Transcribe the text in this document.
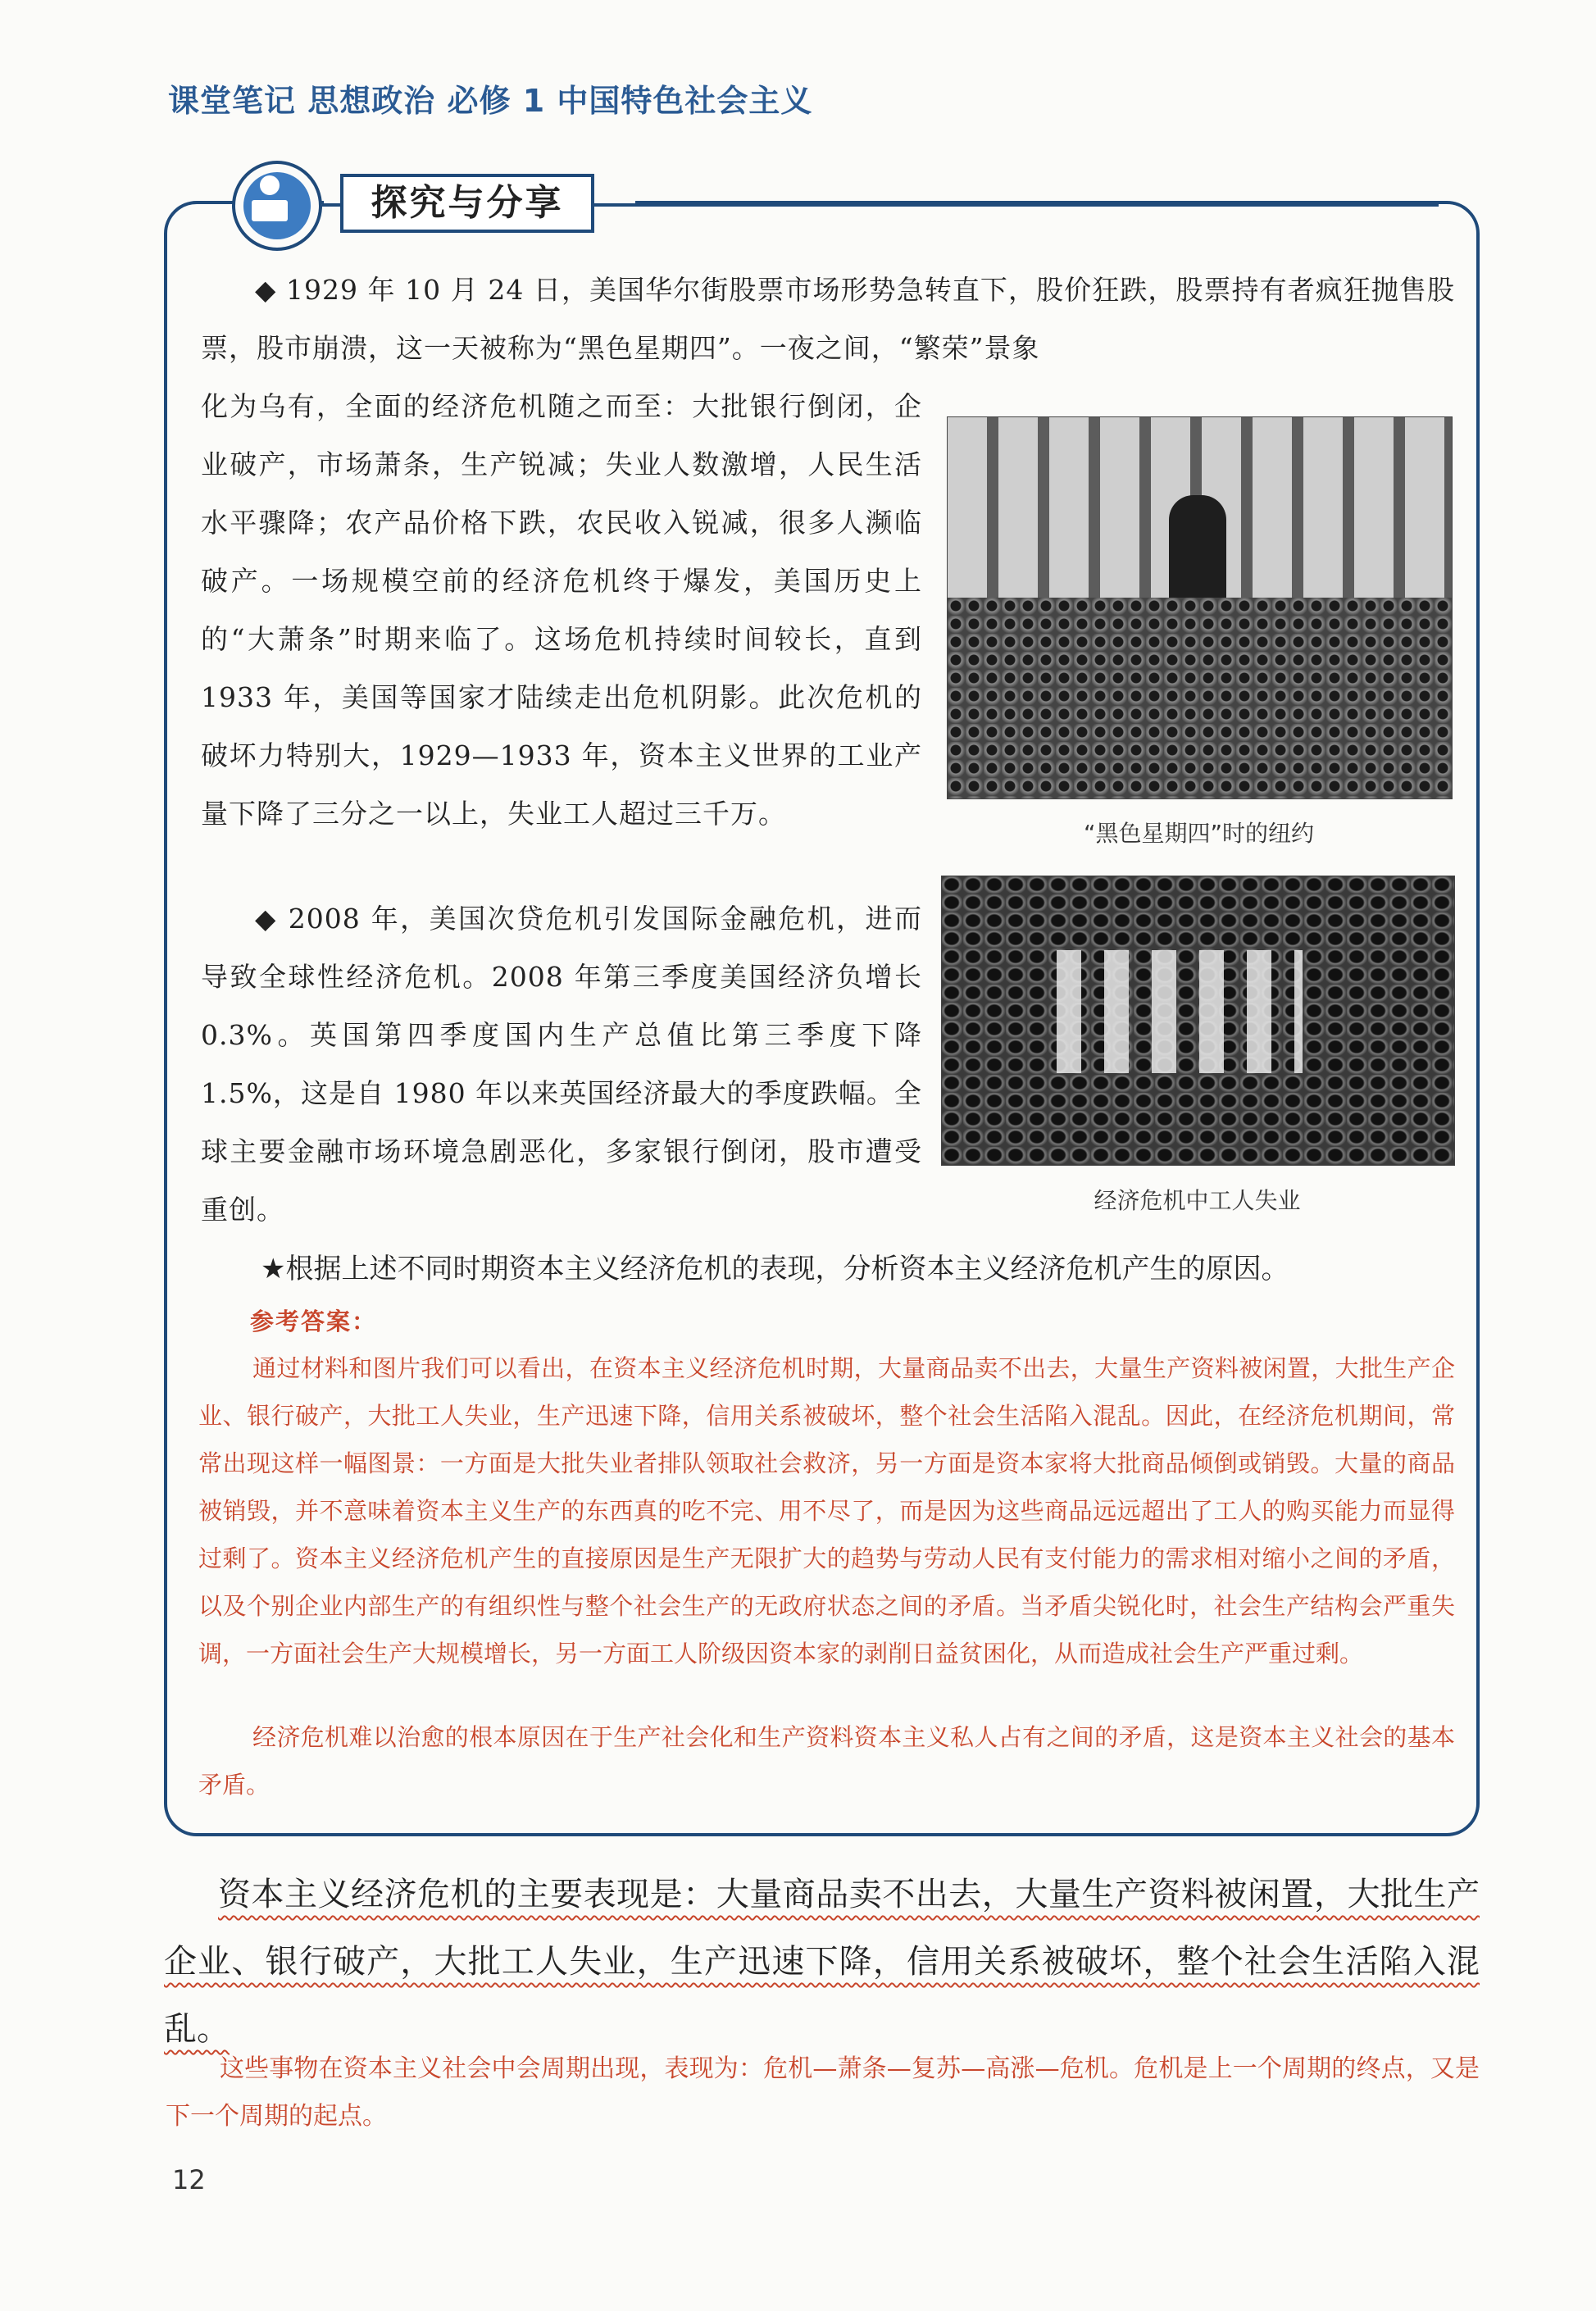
课堂笔记 思想政治 必修 1 中国特色社会主义
探究与分享
◆ 1929 年 10 月 24 日，美国华尔街股票市场形势急转直下，股价狂跌，股票持有者疯狂抛售股票，股市崩溃，这一天被称为“黑色星期四”。一夜之间，“繁荣”景象
化为乌有，全面的经济危机随之而至：大批银行倒闭，企业破产，市场萧条，生产锐减；失业人数激增，人民生活水平骤降；农产品价格下跌，农民收入锐减，很多人濒临破产。一场规模空前的经济危机终于爆发，美国历史上的“大萧条”时期来临了。这场危机持续时间较长，直到 1933 年，美国等国家才陆续走出危机阴影。此次危机的破坏力特别大，1929—1933 年，资本主义世界的工业产量下降了三分之一以上，失业工人超过三千万。
“黑色星期四”时的纽约
◆ 2008 年，美国次贷危机引发国际金融危机，进而导致全球性经济危机。2008 年第三季度美国经济负增长 0.3%。英国第四季度国内生产总值比第三季度下降 1.5%，这是自 1980 年以来英国经济最大的季度跌幅。全球主要金融市场环境急剧恶化，多家银行倒闭，股市遭受重创。	经济危机中工人失业
★根据上述不同时期资本主义经济危机的表现，分析资本主义经济危机产生的原因。
参考答案：
通过材料和图片我们可以看出，在资本主义经济危机时期，大量商品卖不出去，大量生产资料被闲置，大批生产企业、银行破产，大批工人失业，生产迅速下降，信用关系被破坏，整个社会生活陷入混乱。因此，在经济危机期间，常常出现这样一幅图景：一方面是大批失业者排队领取社会救济，另一方面是资本家将大批商品倾倒或销毁。大量的商品被销毁，并不意味着资本主义生产的东西真的吃不完、用不尽了，而是因为这些商品远远超出了工人的购买能力而显得过剩了。资本主义经济危机产生的直接原因是生产无限扩大的趋势与劳动人民有支付能力的需求相对缩小之间的矛盾，以及个别企业内部生产的有组织性与整个社会生产的无政府状态之间的矛盾。当矛盾尖锐化时，社会生产结构会严重失调，一方面社会生产大规模增长，另一方面工人阶级因资本家的剥削日益贫困化，从而造成社会生产严重过剩。
经济危机难以治愈的根本原因在于生产社会化和生产资料资本主义私人占有之间的矛盾，这是资本主义社会的基本矛盾。
资本主义经济危机的主要表现是：大量商品卖不出去，大量生产资料被闲置，大批生产企业、银行破产，大批工人失业，生产迅速下降，信用关系被破坏，整个社会生活陷入混乱。
这些事物在资本主义社会中会周期出现，表现为：危机—萧条—复苏—高涨—危机。危机是上一个周期的终点，又是下一个周期的起点。
12
